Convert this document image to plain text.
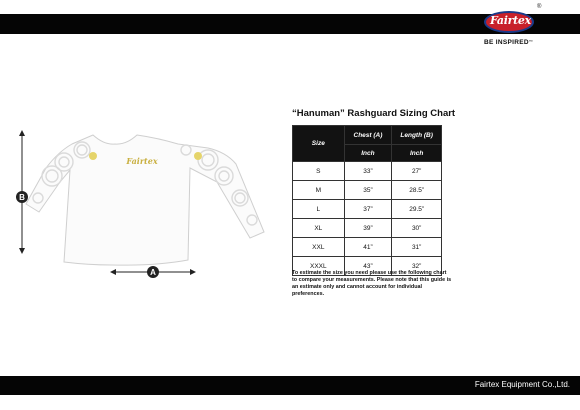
Fairtex
®
BE INSPIRED™
B
Fairtex
A
“Hanuman” Rashguard Sizing Chart
Size	Chest (A)	Length (B)
	Inch	Inch
S	33”	27”
M	35”	28.5”
L	37”	29.5”
XL	39”	30”
XXL	41”	31”
XXXL	43”	32”

To estimate the size you need please use the following chart to compare your measurements. Please note that this guide is an estimate only and cannot account for individual preferences.

Fairtex Equipment Co.,Ltd.
